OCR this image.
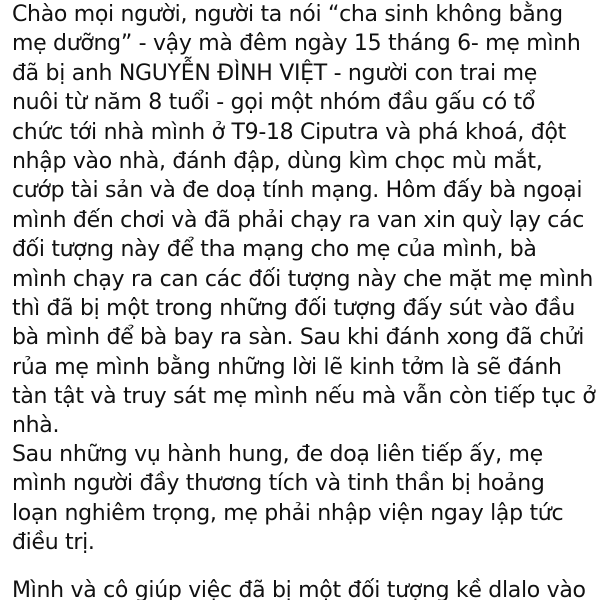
Chào mọi người, người ta nói “cha sinh không bằng
mẹ dưỡng” - vậy mà đêm ngày 15 tháng 6- mẹ mình
đã bị anh NGUYỄN ĐÌNH VIỆT - người con trai mẹ
nuôi từ năm 8 tuổi - gọi một nhóm đầu gấu có tổ
chức tới nhà mình ở T9-18 Ciputra và phá khoá, đột
nhập vào nhà, đánh đập, dùng kìm chọc mù mắt,
cướp tài sản và đe doạ tính mạng. Hôm đấy bà ngoại
mình đến chơi và đã phải chạy ra van xin quỳ lạy các
đối tượng này để tha mạng cho mẹ của mình, bà
mình chạy ra can các đối tượng này che mặt mẹ mình
thì đã bị một trong những đối tượng đấy sút vào đầu
bà mình để bà bay ra sàn. Sau khi đánh xong đã chửi
rủa mẹ mình bằng những lời lẽ kinh tởm là sẽ đánh
tàn tật và truy sát mẹ mình nếu mà vẫn còn tiếp tục ở
nhà.
Sau những vụ hành hung, đe doạ liên tiếp ấy, mẹ
mình người đầy thương tích và tinh thần bị hoảng
loạn nghiêm trọng, mẹ phải nhập viện ngay lập tức
điều trị.
Mình và cô giúp việc đã bị một đối tượng kề dlalo vào
